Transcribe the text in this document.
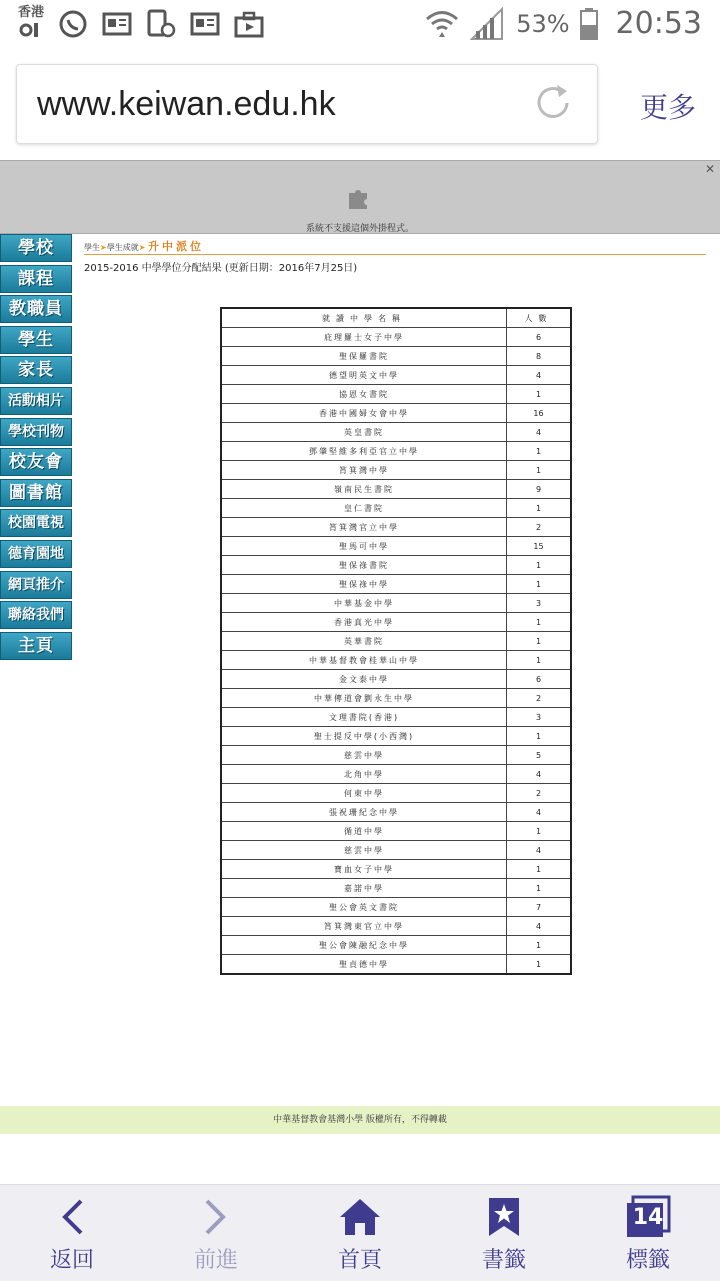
香港	53% 20:53
www.keiwan.edu.hk	更多
✕
系統不支援這個外掛程式。
學校
課程
教職員
學生
家長
活動相片
學校刊物
校友會
圖書館
校園電視
德育園地
網頁推介
聯絡我們
主頁
學生➤學生成就➤ 升中派位
2015-2016 中學學位分配結果 (更新日期：2016年7月25日)
就讀中學名稱	人數
庇理羅士女子中學	6
聖保羅書院	8
德望明英文中學	4
協恩女書院	1
香港中國婦女會中學	16
英皇書院	4
鄧肇堅維多利亞官立中學	1
筲箕灣中學	1
嶺南民生書院	9
皇仁書院	1
筲箕灣官立中學	2
聖馬可中學	15
聖保祿書院	1
聖保祿中學	1
中華基金中學	3
香港真光中學	1
英華書院	1
中華基督教會桂華山中學	1
金文泰中學	6
中華傳道會劉永生中學	2
文理書院(香港)	3
聖士提反中學(小西灣)	1
慈雲中學	5
北角中學	4
何東中學	2
張祝珊紀念中學	4
循道中學	1
慈雲中學	4
寶血女子中學	1
嘉諾中學	1
聖公會英文書院	7
筲箕灣東官立中學	4
聖公會陳融紀念中學	1
聖貞德中學	1
中華基督教會基灣小學 版權所有，不得轉載
返回	前進	首頁	書籤
14
標籤
